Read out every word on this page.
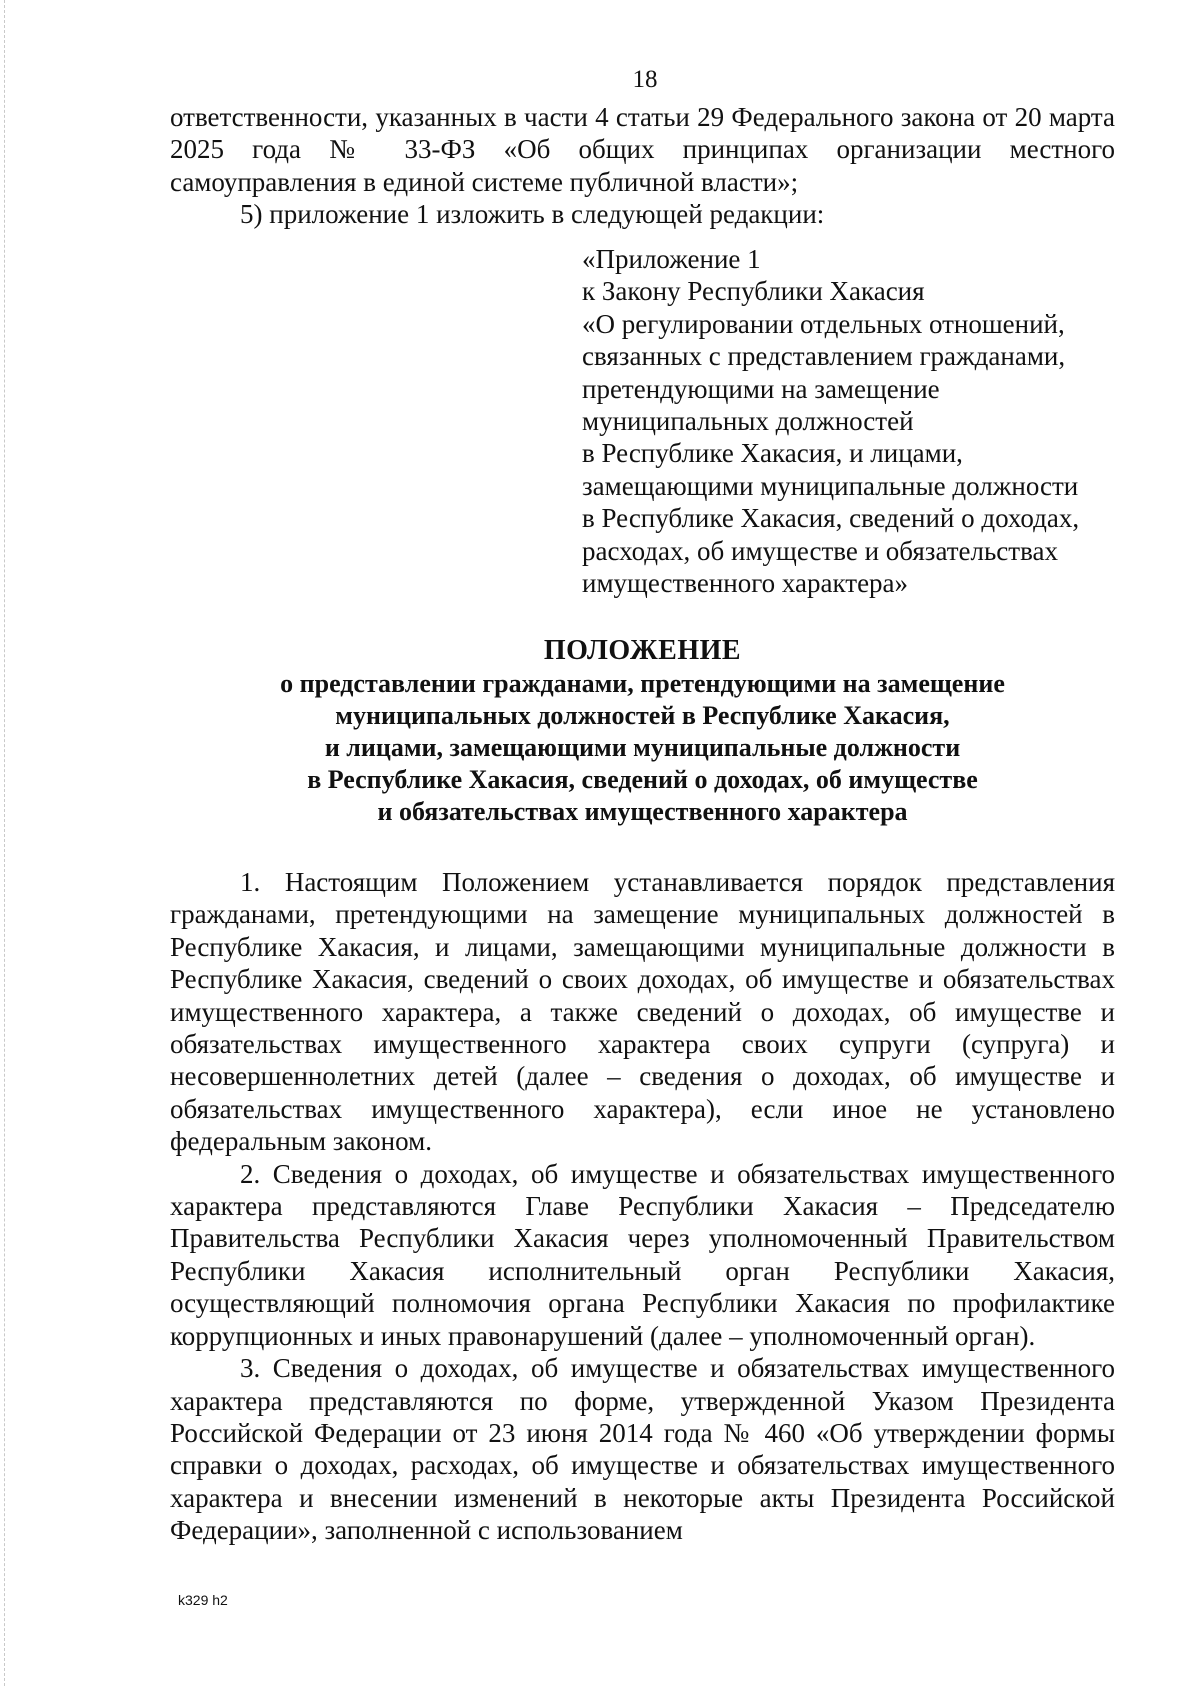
18

ответственности, указанных в части 4 статьи 29 Федерального закона от 20 марта 2025 года № 33-ФЗ «Об общих принципах организации местного самоуправления в единой системе публичной власти»;

5) приложение 1 изложить в следующей редакции:

«Приложение 1
к Закону Республики Хакасия
«О регулировании отдельных отношений,
связанных с представлением гражданами,
претендующими на замещение
муниципальных должностей
в Республике Хакасия, и лицами,
замещающими муниципальные должности
в Республике Хакасия, сведений о доходах,
расходах, об имуществе и обязательствах
имущественного характера»

ПОЛОЖЕНИЕ

о представлении гражданами, претендующими на замещение
муниципальных должностей в Республике Хакасия,
и лицами, замещающими муниципальные должности
в Республике Хакасия, сведений о доходах, об имуществе
и обязательствах имущественного характера

1. Настоящим Положением устанавливается порядок представления гражданами, претендующими на замещение муниципальных должностей в Республике Хакасия, и лицами, замещающими муниципальные должности в Республике Хакасия, сведений о своих доходах, об имуществе и обязательствах имущественного характера, а также сведений о доходах, об имуществе и обязательствах имущественного характера своих супруги (супруга) и несовершеннолетних детей (далее – сведения о доходах, об имуществе и обязательствах имущественного характера), если иное не установлено федеральным законом.

2. Сведения о доходах, об имуществе и обязательствах имущественного характера представляются Главе Республики Хакасия – Председателю Правительства Республики Хакасия через уполномоченный Правительством Республики Хакасия исполнительный орган Республики Хакасия, осуществляющий полномочия органа Республики Хакасия по профилактике коррупционных и иных правонарушений (далее – уполномоченный орган).

3. Сведения о доходах, об имуществе и обязательствах имущественного характера представляются по форме, утвержденной Указом Президента Российской Федерации от 23 июня 2014 года № 460 «Об утверждении формы справки о доходах, расходах, об имуществе и обязательствах имущественного характера и внесении изменений в некоторые акты Президента Российской Федерации», заполненной с использованием

k329 h2
